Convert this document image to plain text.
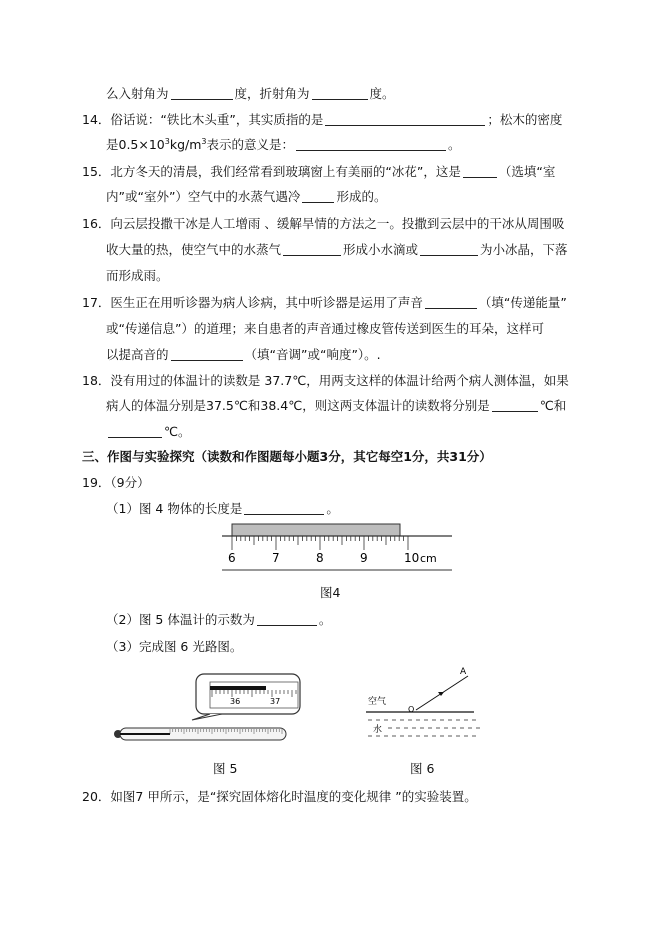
么入射角为	度，折射角为	度。
14．俗话说：“铁比木头重”，其实质指的是	；松木的密度
是$0.5\times 10^3kg/m^3$表示的意义是：	。
15．北方冬天的清晨，我们经常看到玻璃窗上有美丽的“冰花”，这是	（选填“室
内”或“室外”）空气中的水蒸气遇冷	形成的。
16．向云层投撒干冰是人工增雨 、缓解旱情的方法之一。投撒到云层中的干冰从周围吸
收大量的热，使空气中的水蒸气	形成小水滴或	为小冰晶，下落
而形成雨。
17．医生正在用听诊器为病人诊病，其中听诊器是运用了声音	（填“传递能量”
或“传递信息”）的道理；来自患者的声音通过橡皮管传送到医生的耳朵，这样可
以提高音的	（填“音调”或“响度”）。.
18．没有用过的体温计的读数是 37.7℃，用两支这样的体温计给两个病人测体温，如果
病人的体温分别是37.5℃和38.4℃，则这两支体温计的读数将分别是	℃和
℃。
三、作图与实验探究（读数和作图题每小题3分，其它每空1分，共31分）
19．（9分）
（1）图 4 物体的长度是	。
6	7	8	9	10 cm
图4
（2）图 5 体温计的示数为	。
（3）完成图 6 光路图。
36	37
图 5
A
空气
O
水
图 6
20．如图7 甲所示，是“探究固体熔化时温度的变化规律 ”的实验装置。
